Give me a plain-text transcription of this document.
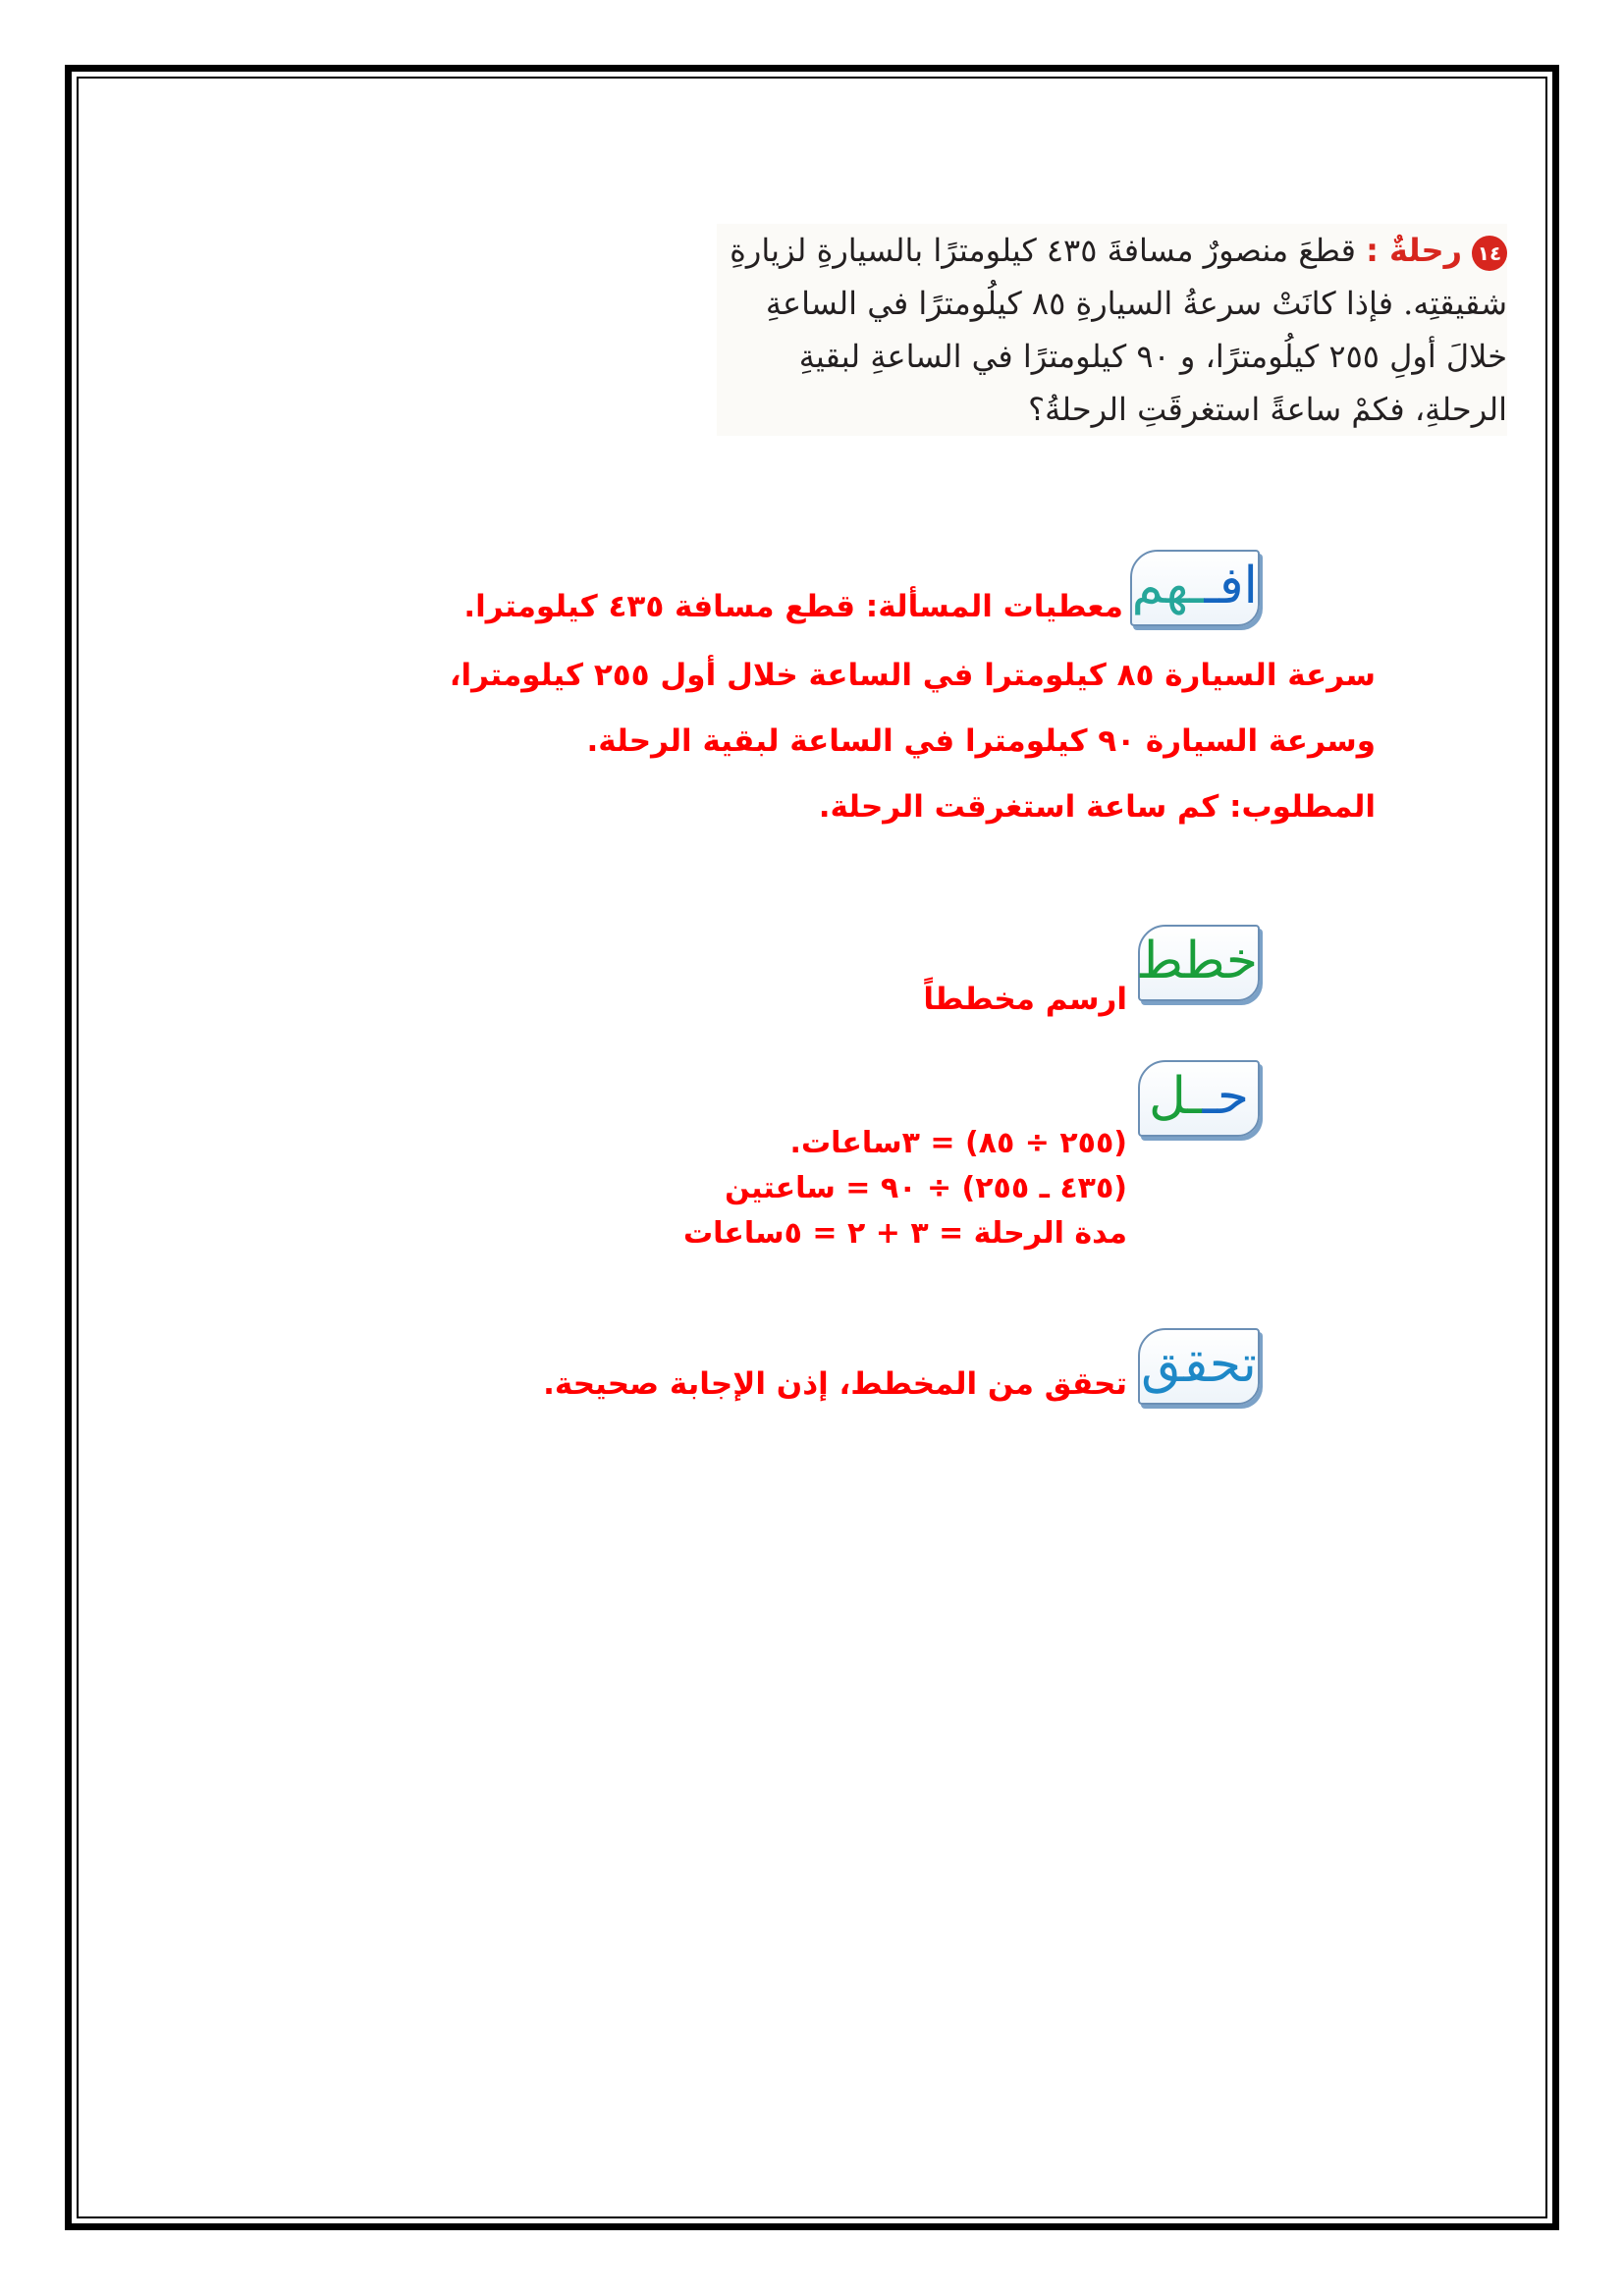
١٤رحلةٌ : قطعَ منصورٌ مسافةَ ٤٣٥ كيلومترًا بالسيارةِ لزيارةِ
شقيقتِه. فإذا كانَتْ سرعةُ السيارةِ ٨٥ كيلُومترًا في الساعةِ
خلالَ أولِ ٢٥٥ كيلُومترًا، و ٩٠ كيلومترًا في الساعةِ لبقيةِ
الرحلةِ، فكمْ ساعةً استغرقَتِ الرحلةُ؟
افــهم
معطيات المسألة: قطع مسافة ٤٣٥ كيلومترا.
سرعة السيارة ٨٥ كيلومترا في الساعة خلال أول ٢٥٥ كيلومترا،
وسرعة السيارة ٩٠ كيلومترا في الساعة لبقية الرحلة.
المطلوب: كم ساعة استغرقت الرحلة.
خطط
ارسم مخططاً
حــل
(٢٥٥ ÷ ٨٥) = ٣ساعات.
(٤٣٥ ـ ٢٥٥) ÷ ٩٠ = ساعتين
مدة الرحلة = ٣ + ٢ = ٥ساعات
تحقق
تحقق من المخطط، إذن الإجابة صحيحة.
